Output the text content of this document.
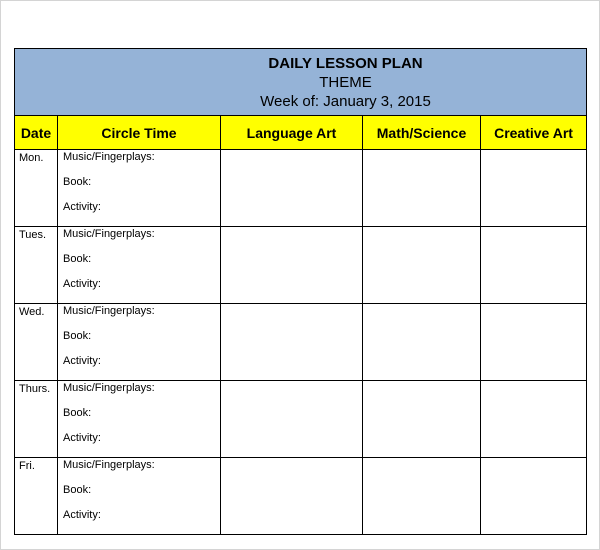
DAILY LESSON PLAN
THEME
Week of: January 3, 2015				

Date	Circle Time	Language Art	Math/Science	Creative Art
Mon.	Music/Fingerplays:
Book:
Activity:			

Tues.	Music/Fingerplays:
Book:
Activity:			

Wed.	Music/Fingerplays:
Book:
Activity:			

Thurs.	Music/Fingerplays:
Book:
Activity:			

Fri.	Music/Fingerplays:
Book:
Activity:			
